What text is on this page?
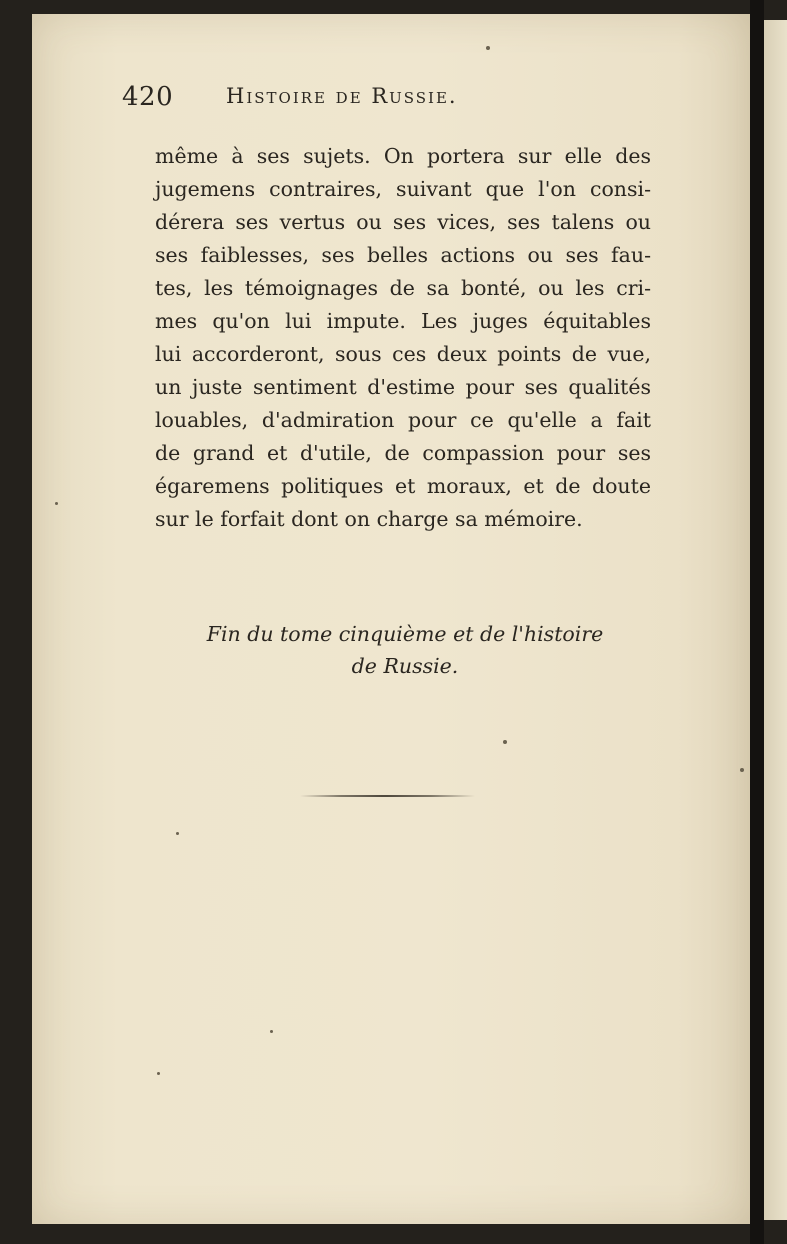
420	Histoire de Russie.
même à ses sujets. On portera sur elle des
jugemens contraires, suivant que l'on consi-
dérera ses vertus ou ses vices, ses talens ou
ses faiblesses, ses belles actions ou ses fau-
tes, les témoignages de sa bonté, ou les cri-
mes qu'on lui impute. Les juges équitables
lui accorderont, sous ces deux points de vue,
un juste sentiment d'estime pour ses qualités
louables, d'admiration pour ce qu'elle a fait
de grand et d'utile, de compassion pour ses
égaremens politiques et moraux, et de doute
sur le forfait dont on charge sa mémoire.
Fin du tome cinquième et de l'histoire
de Russie.
